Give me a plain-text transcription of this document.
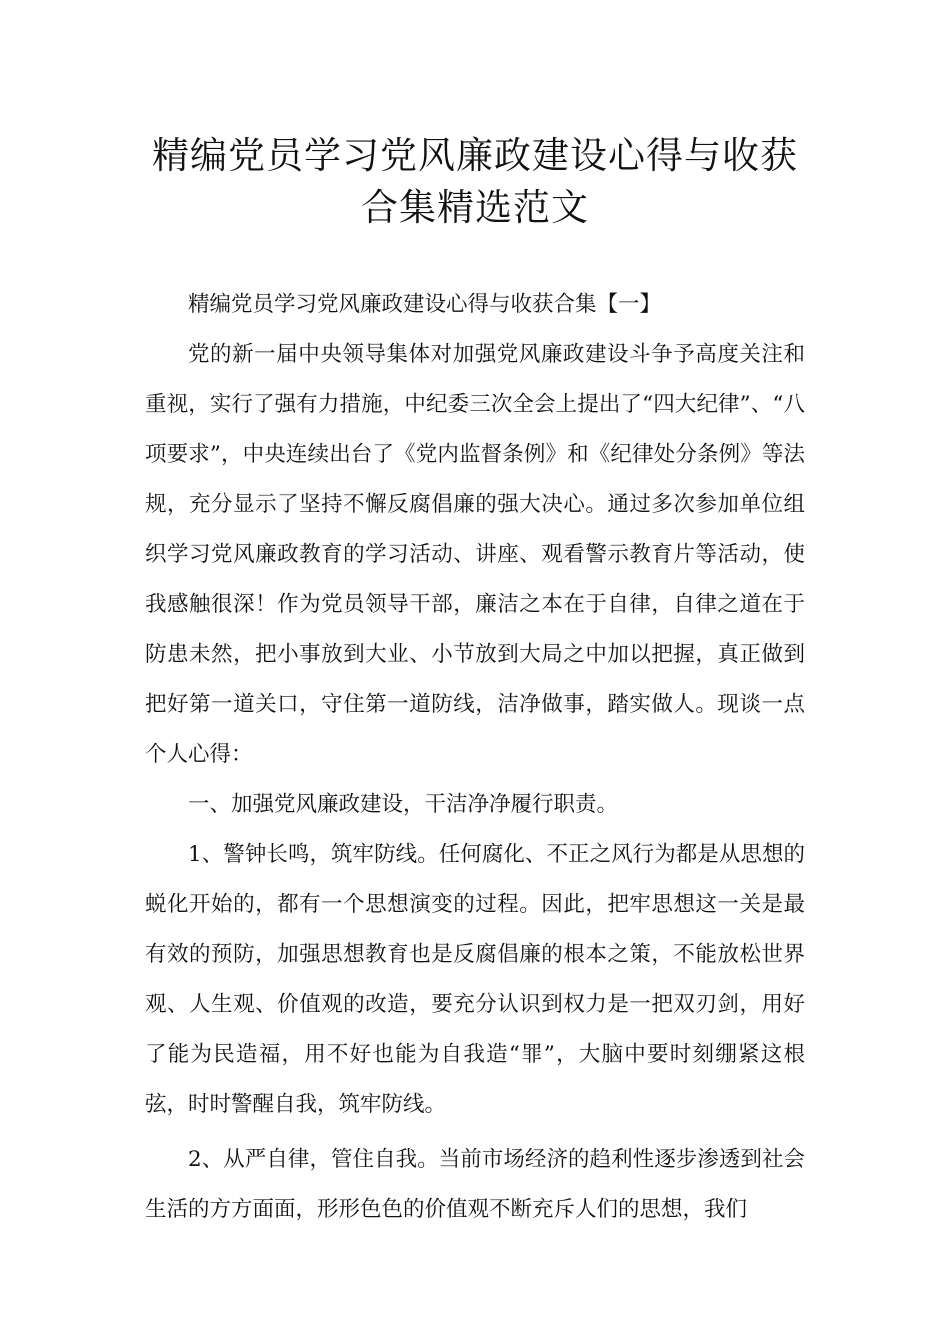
精编党员学习党风廉政建设心得与收获
合集精选范文

精编党员学习党风廉政建设心得与收获合集【一】

党的新一届中央领导集体对加强党风廉政建设斗争予高度关注和重视，实行了强有力措施，中纪委三次全会上提出了“四大纪律”、“八项要求”，中央连续出台了《党内监督条例》和《纪律处分条例》等法规，充分显示了坚持不懈反腐倡廉的强大决心。通过多次参加单位组织学习党风廉政教育的学习活动、讲座、观看警示教育片等活动，使我感触很深！作为党员领导干部，廉洁之本在于自律，自律之道在于防患未然，把小事放到大业、小节放到大局之中加以把握，真正做到把好第一道关口，守住第一道防线，洁净做事，踏实做人。现谈一点个人心得：

一、加强党风廉政建设，干洁净净履行职责。

1、警钟长鸣，筑牢防线。任何腐化、不正之风行为都是从思想的蜕化开始的，都有一个思想演变的过程。因此，把牢思想这一关是最有效的预防，加强思想教育也是反腐倡廉的根本之策，不能放松世界观、人生观、价值观的改造，要充分认识到权力是一把双刃剑，用好了能为民造福，用不好也能为自我造“罪”，大脑中要时刻绷紧这根弦，时时警醒自我，筑牢防线。

2、从严自律，管住自我。当前市场经济的趋利性逐步渗透到社会生活的方方面面，形形色色的价值观不断充斥人们的思想，我们
